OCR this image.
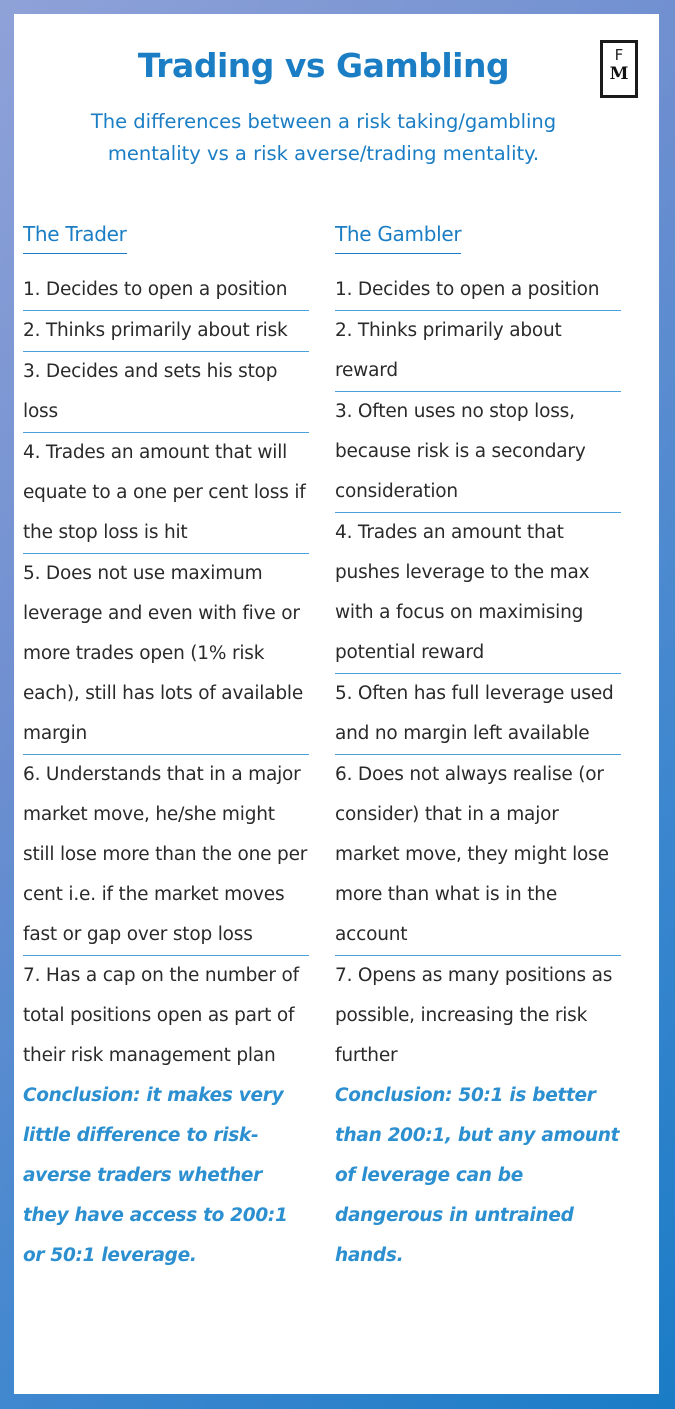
F
M
Trading vs Gambling
The differences between a risk taking/gambling
mentality vs a risk averse/trading mentality.
The Trader
1. Decides to open a position
2. Thinks primarily about risk
3. Decides and sets his stop loss
4. Trades an amount that will equate to a one per cent loss if the stop loss is hit
5. Does not use maximum leverage and even with five or more trades open (1% risk each), still has lots of available margin
6. Understands that in a major market move, he/she might still lose more than the one per cent i.e. if the market moves fast or gap over stop loss
7. Has a cap on the number of total positions open as part of their risk management plan
Conclusion: it makes very little difference to risk-averse traders whether they have access to 200:1 or 50:1 leverage.
The Gambler
1. Decides to open a position
2. Thinks primarily about reward
3. Often uses no stop loss, because risk is a secondary consideration
4. Trades an amount that pushes leverage to the max with a focus on maximising potential reward
5. Often has full leverage used and no margin left available
6. Does not always realise (or consider) that in a major market move, they might lose more than what is in the account
7. Opens as many positions as possible, increasing the risk further
Conclusion: 50:1 is better than 200:1, but any amount of leverage can be dangerous in untrained hands.
